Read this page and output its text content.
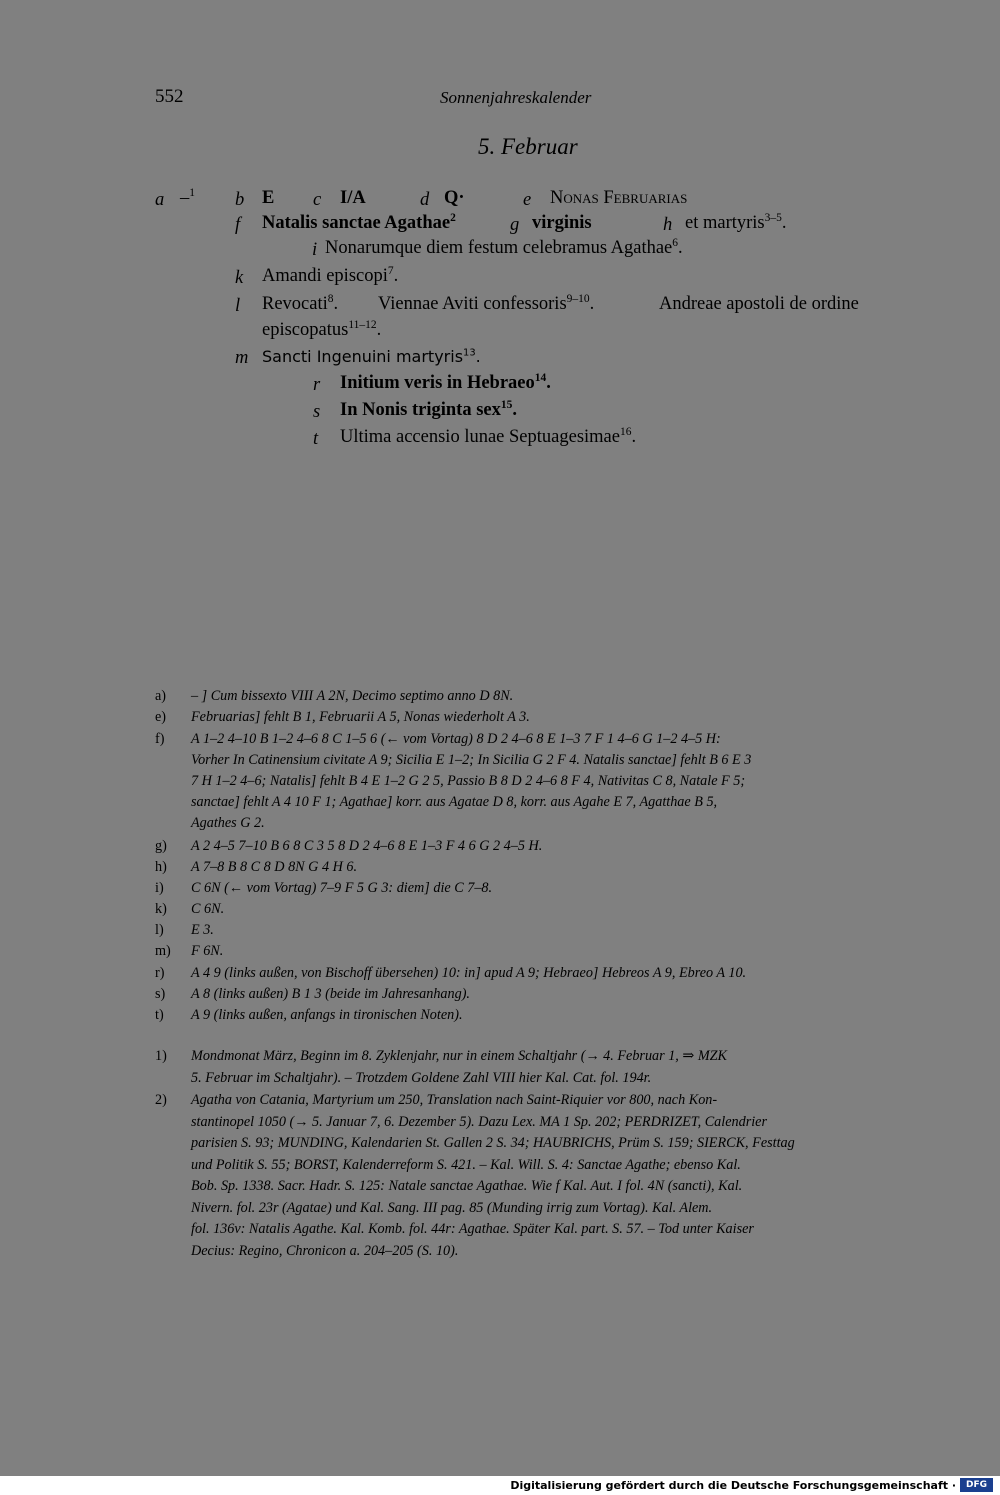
552	Sonnenjahreskalender
5. Februar
a –$^1$ b E c I/A	d Q·	e Nonas Februarias
f Natalis sanctae Agathae$^2$	g virginis	h et martyris$^{3-5}$.
i Nonarumque diem festum celebramus Agathae$^6$.
k Amandi episcopi$^7$.
l Revocati$^8$. Viennae Aviti confessoris$^{9-10}$.	Andreae apostoli de ordine
episcopatus$^{11-12}$.
m Sancti Ingenuini martyris$^{13}$.
r Initium veris in Hebraeo$^{14}$.
s In Nonis triginta sex$^{15}$.
t Ultima accensio lunae Septuagesimae$^{16}$.
a) – ] Cum bissexto VIII A 2N, Decimo septimo anno D 8N.
e) Februarias] fehlt B 1, Februarii A 5, Nonas wiederholt A 3.
f) A 1–2 4–10 B 1–2 4–6 8 C 1–5 6 (← vom Vortag) 8 D 2 4–6 8 E 1–3 7 F 1 4–6 G 1–2 4–5 H:
Vorher In Catinensium civitate A 9; Sicilia E 1–2; In Sicilia G 2 F 4. Natalis sanctae] fehlt B 6 E 3
7 H 1–2 4–6; Natalis] fehlt B 4 E 1–2 G 2 5, Passio B 8 D 2 4–6 8 F 4, Nativitas C 8, Natale F 5;
sanctae] fehlt A 4 10 F 1; Agathae] korr. aus Agatae D 8, korr. aus Agahe E 7, Agatthae B 5,
Agathes G 2.
g) A 2 4–5 7–10 B 6 8 C 3 5 8 D 2 4–6 8 E 1–3 F 4 6 G 2 4–5 H.
h) A 7–8 B 8 C 8 D 8N G 4 H 6.
i) C 6N (← vom Vortag) 7–9 F 5 G 3: diem] die C 7–8.
k) C 6N.
l) E 3.
m) F 6N.
r) A 4 9 (links außen, von Bischoff übersehen) 10: in] apud A 9; Hebraeo] Hebreos A 9, Ebreo A 10.
s) A 8 (links außen) B 1 3 (beide im Jahresanhang).
t) A 9 (links außen, anfangs in tironischen Noten).
1) Mondmonat März, Beginn im 8. Zyklenjahr, nur in einem Schaltjahr (→ 4. Februar 1, ⇒ MZK
5. Februar im Schaltjahr). – Trotzdem Goldene Zahl VIII hier Kal. Cat. fol. 194r.
2) Agatha von Catania, Martyrium um 250, Translation nach Saint-Riquier vor 800, nach Kon-
stantinopel 1050 (→ 5. Januar 7, 6. Dezember 5). Dazu Lex. MA 1 Sp. 202; PERDRIZET, Calendrier
parisien S. 93; MUNDING, Kalendarien St. Gallen 2 S. 34; HAUBRICHS, Prüm S. 159; SIERCK, Festtag
und Politik S. 55; BORST, Kalenderreform S. 421. – Kal. Will. S. 4: Sanctae Agathe; ebenso Kal.
Bob. Sp. 1338. Sacr. Hadr. S. 125: Natale sanctae Agathae. Wie f Kal. Aut. I fol. 4N (sancti), Kal.
Nivern. fol. 23r (Agatae) und Kal. Sang. III pag. 85 (Munding irrig zum Vortag). Kal. Alem.
fol. 136v: Natalis Agathe. Kal. Komb. fol. 44r: Agathae. Später Kal. part. S. 57. – Tod unter Kaiser
Decius: Regino, Chronicon a. 204–205 (S. 10).
Digitalisierung gefördert durch die Deutsche Forschungsgemeinschaft ·	DFG
